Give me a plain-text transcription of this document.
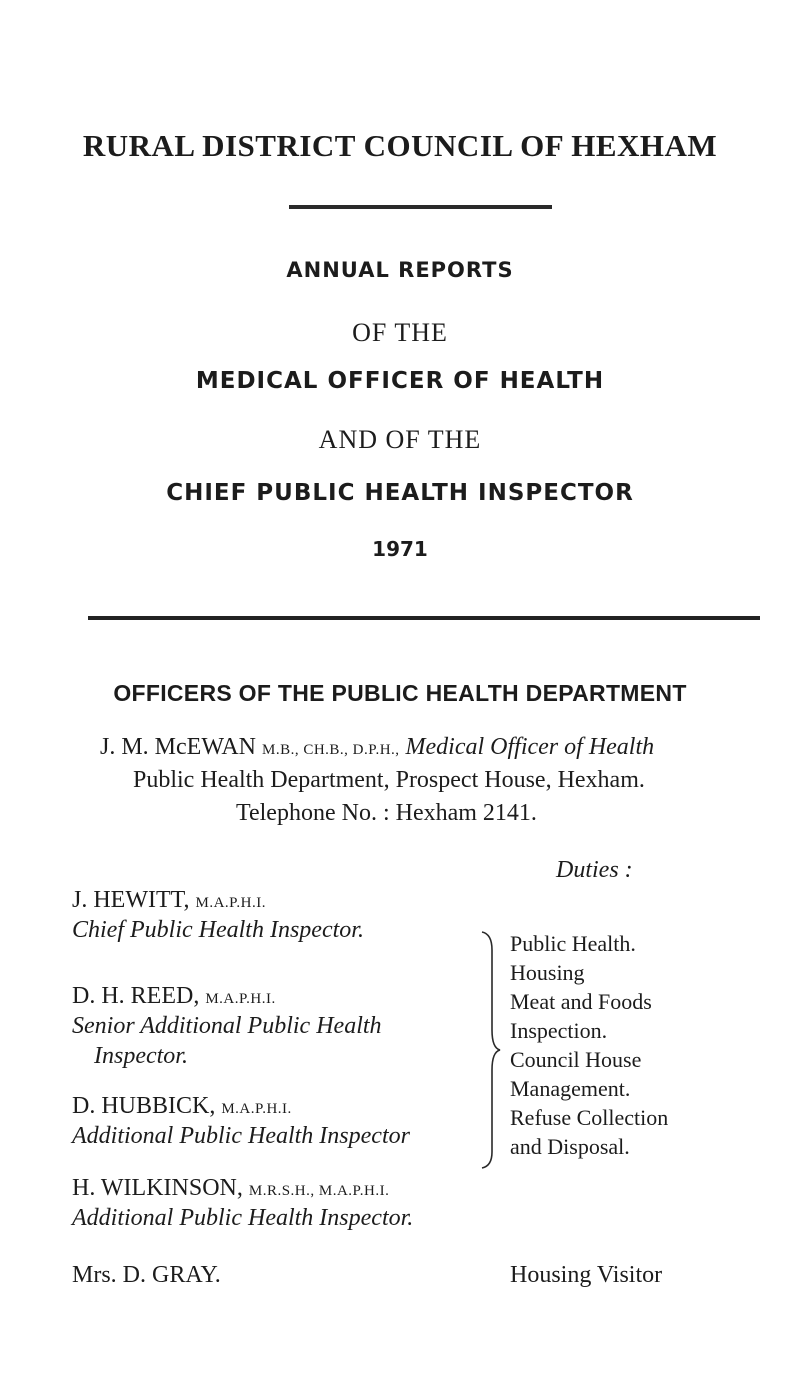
RURAL DISTRICT COUNCIL OF HEXHAM
ANNUAL REPORTS
OF THE
MEDICAL OFFICER OF HEALTH
AND OF THE
CHIEF PUBLIC HEALTH INSPECTOR
1971
OFFICERS OF THE PUBLIC HEALTH DEPARTMENT
J. M. McEWAN M.B., CH.B., D.P.H., Medical Officer of Health
Public Health Department, Prospect House, Hexham.
Telephone No. : Hexham 2141.
Duties :
J. HEWITT, M.A.P.H.I.
Chief Public Health Inspector.
D. H. REED, M.A.P.H.I.
Senior Additional Public Health
Inspector.
D. HUBBICK, M.A.P.H.I.
Additional Public Health Inspector
H. WILKINSON, M.R.S.H., M.A.P.H.I.
Additional Public Health Inspector.
Public Health.
Housing
Meat and Foods
Inspection.
Council House
Management.
Refuse Collection
and Disposal.
Mrs. D. GRAY.	Housing Visitor
